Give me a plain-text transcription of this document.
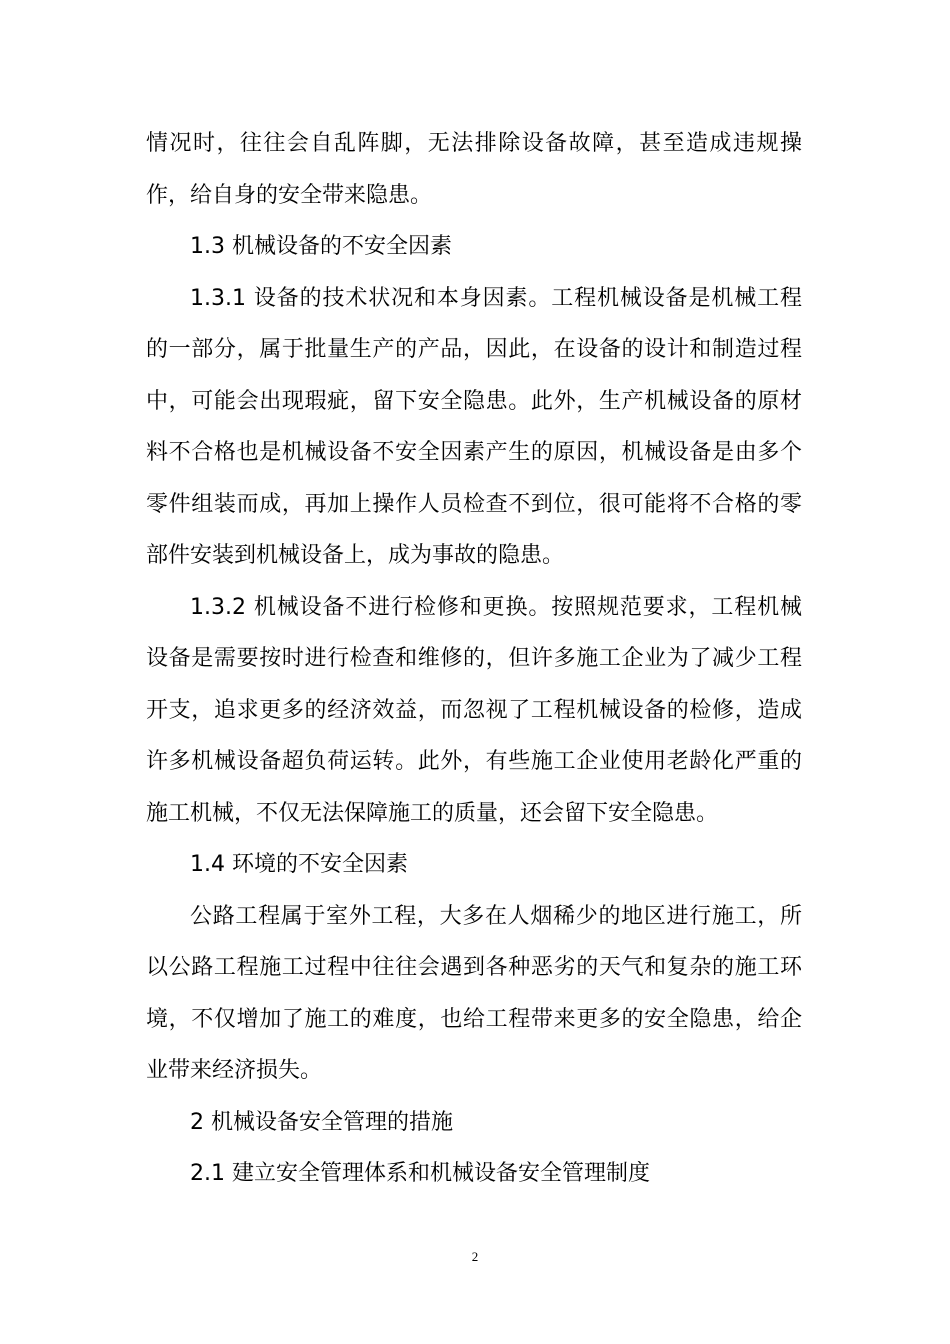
情况时，往往会自乱阵脚，无法排除设备故障，甚至造成违规操作，给自身的安全带来隐患。

1.3 机械设备的不安全因素

1.3.1 设备的技术状况和本身因素。工程机械设备是机械工程的一部分，属于批量生产的产品，因此，在设备的设计和制造过程中，可能会出现瑕疵，留下安全隐患。此外，生产机械设备的原材料不合格也是机械设备不安全因素产生的原因，机械设备是由多个零件组装而成，再加上操作人员检查不到位，很可能将不合格的零部件安装到机械设备上，成为事故的隐患。

1.3.2 机械设备不进行检修和更换。按照规范要求，工程机械设备是需要按时进行检查和维修的，但许多施工企业为了减少工程开支，追求更多的经济效益，而忽视了工程机械设备的检修，造成许多机械设备超负荷运转。此外，有些施工企业使用老龄化严重的施工机械，不仅无法保障施工的质量，还会留下安全隐患。

1.4 环境的不安全因素

公路工程属于室外工程，大多在人烟稀少的地区进行施工，所以公路工程施工过程中往往会遇到各种恶劣的天气和复杂的施工环境，不仅增加了施工的难度，也给工程带来更多的安全隐患，给企业带来经济损失。

2 机械设备安全管理的措施

2.1 建立安全管理体系和机械设备安全管理制度

2
